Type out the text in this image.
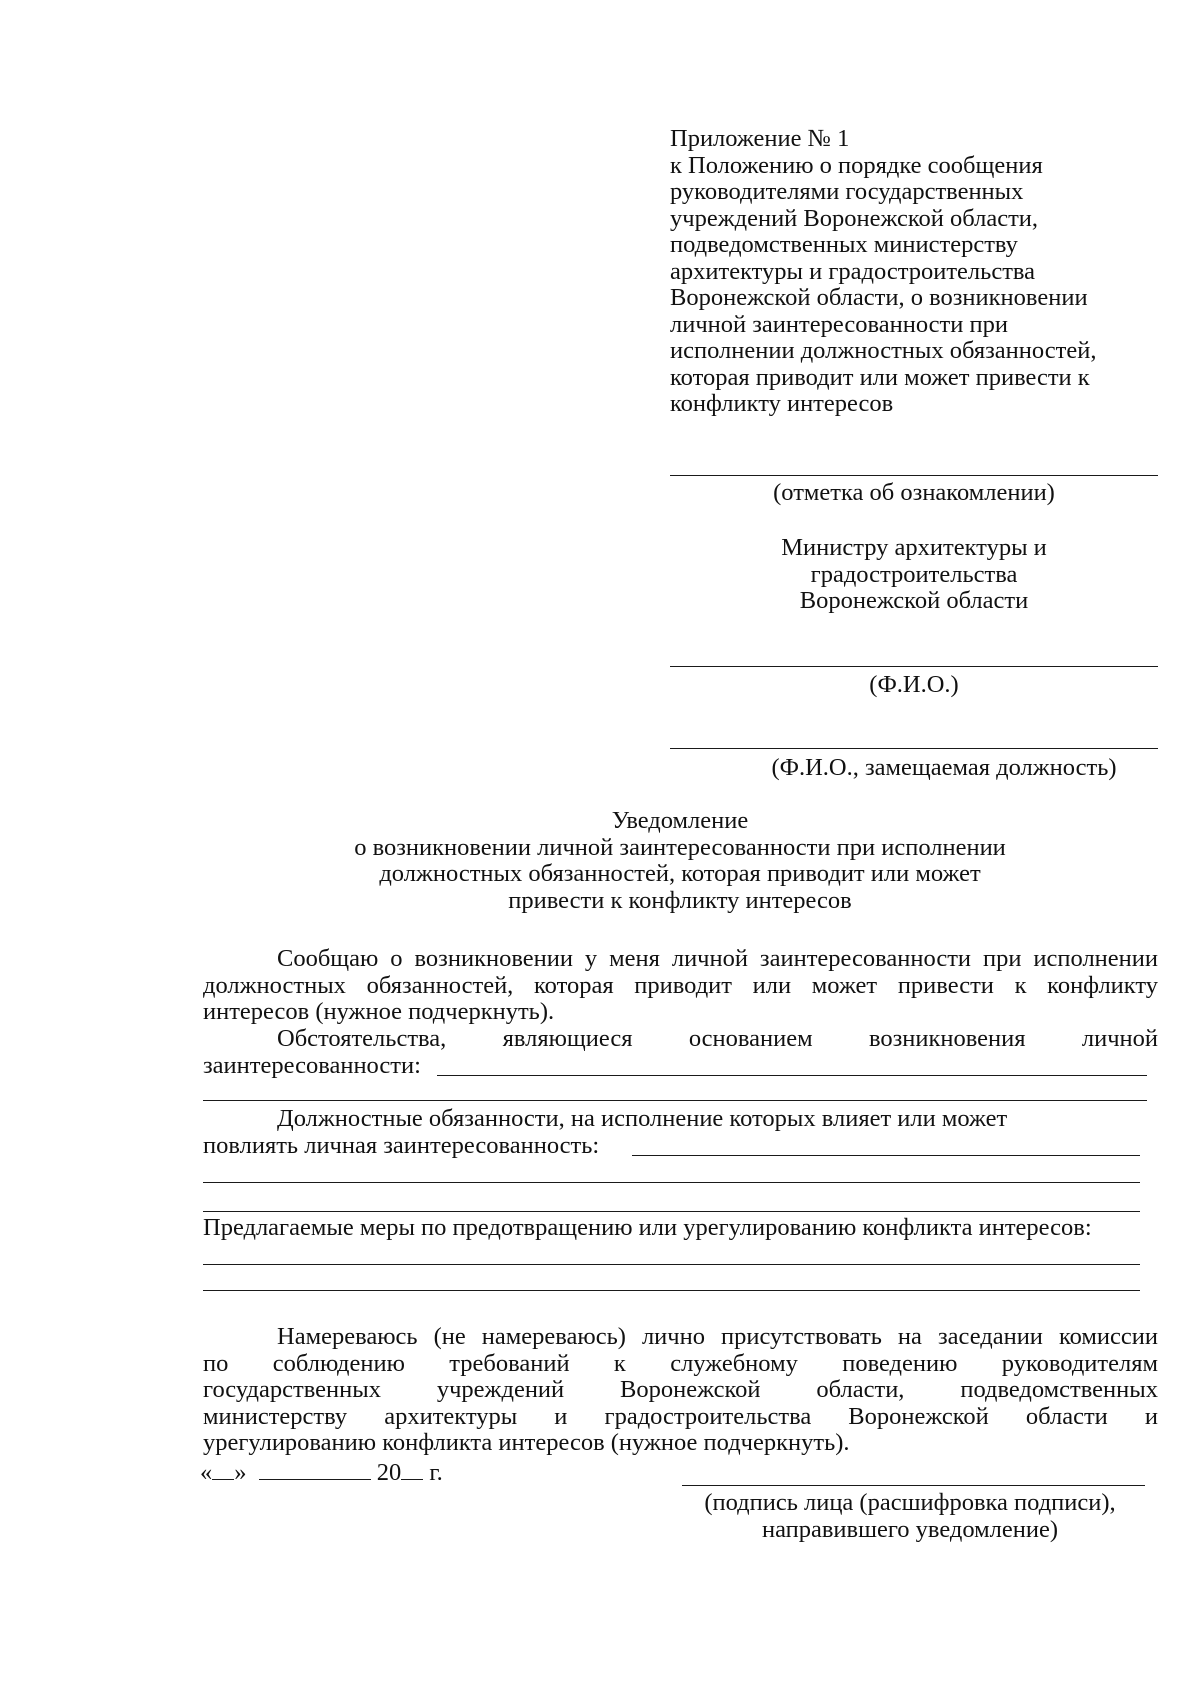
Приложение № 1
к Положению о порядке сообщения
руководителями государственных
учреждений Воронежской области,
подведомственных министерству
архитектуры и градостроительства
Воронежской области, о возникновении
личной заинтересованности при
исполнении должностных обязанностей,
которая приводит или может привести к
конфликту интересов
(отметка об ознакомлении)
Министру архитектуры и
градостроительства
Воронежской области
(Ф.И.О.)
(Ф.И.О., замещаемая должность)
Уведомление
о возникновении личной заинтересованности при исполнении
должностных обязанностей, которая приводит или может
привести к конфликту интересов
Сообщаю о возникновении у меня личной заинтересованности при исполнении
должностных обязанностей, которая приводит или может привести к конфликту
интересов (нужное подчеркнуть).
Обстоятельства, являющиеся основанием возникновения личной
заинтересованности:
Должностные обязанности, на исполнение которых влияет или может
повлиять личная заинтересованность:
Предлагаемые меры по предотвращению или урегулированию конфликта интересов:
Намереваюсь (не намереваюсь) лично присутствовать на заседании комиссии
по соблюдению требований к служебному поведению руководителям
государственных учреждений Воронежской области, подведомственных
министерству архитектуры и градостроительства Воронежской области и
урегулированию конфликта интересов (нужное подчеркнуть).
« »	20 г.
(подпись лица (расшифровка подписи),
направившего уведомление)
